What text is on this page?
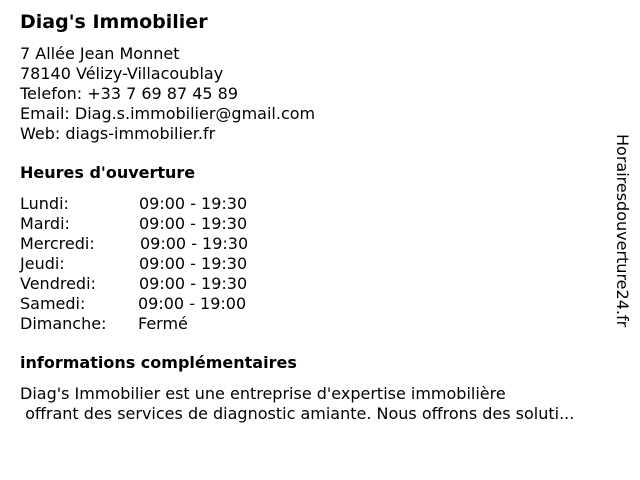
Diag's Immobilier
7 Allée Jean Monnet
78140 Vélizy-Villacoublay
Telefon: +33 7 69 87 45 89
Email: Diag.s.immobilier@gmail.com
Web: diags-immobilier.fr
Heures d'ouverture
Lundi:	09:00 - 19:30
Mardi:	09:00 - 19:30
Mercredi:	09:00 - 19:30
Jeudi:	09:00 - 19:30
Vendredi:	09:00 - 19:30
Samedi:	09:00 - 19:00
Dimanche: Fermé
informations complémentaires
Diag's Immobilier est une entreprise d'expertise immobilière
offrant des services de diagnostic amiante. Nous offrons des soluti...
Horairesdouverture24.fr
